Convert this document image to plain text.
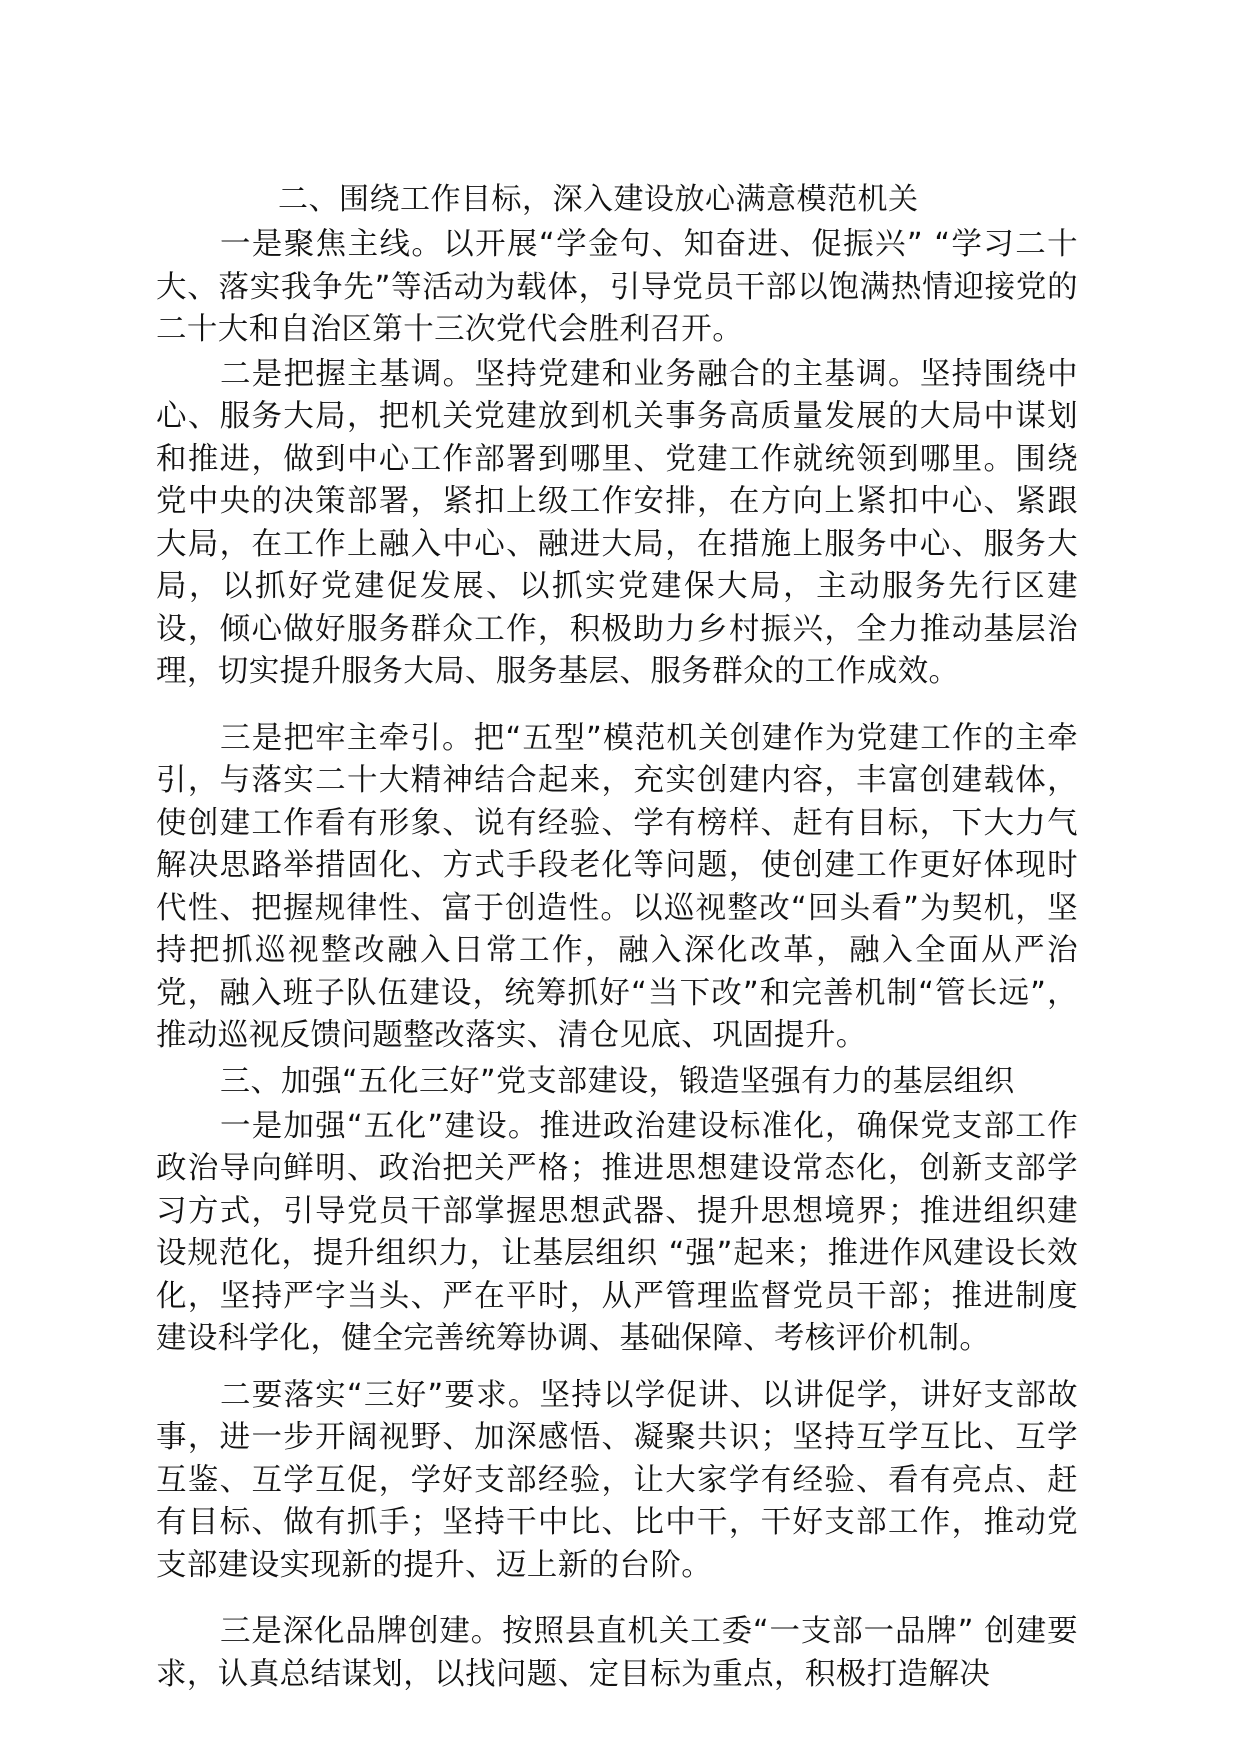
二、围绕工作目标，深入建设放心满意模范机关

一是聚焦主线。以开展“学金句、知奋进、促振兴” “学习二十大、落实我争先”等活动为载体，引导党员干部以饱满热情迎接党的二十大和自治区第十三次党代会胜利召开。

二是把握主基调。坚持党建和业务融合的主基调。坚持围绕中心、服务大局，把机关党建放到机关事务高质量发展的大局中谋划和推进，做到中心工作部署到哪里、党建工作就统领到哪里。围绕党中央的决策部署，紧扣上级工作安排，在方向上紧扣中心、紧跟大局，在工作上融入中心、融进大局，在措施上服务中心、服务大局，以抓好党建促发展、以抓实党建保大局，主动服务先行区建设，倾心做好服务群众工作，积极助力乡村振兴，全力推动基层治理，切实提升服务大局、服务基层、服务群众的工作成效。

三是把牢主牵引。把“五型”模范机关创建作为党建工作的主牵引，与落实二十大精神结合起来，充实创建内容，丰富创建载体，使创建工作看有形象、说有经验、学有榜样、赶有目标，下大力气解决思路举措固化、方式手段老化等问题，使创建工作更好体现时代性、把握规律性、富于创造性。以巡视整改“回头看”为契机，坚持把抓巡视整改融入日常工作，融入深化改革，融入全面从严治党，融入班子队伍建设，统筹抓好“当下改”和完善机制“管长远”，推动巡视反馈问题整改落实、清仓见底、巩固提升。

三、加强“五化三好”党支部建设，锻造坚强有力的基层组织

一是加强“五化”建设。推进政治建设标准化，确保党支部工作政治导向鲜明、政治把关严格；推进思想建设常态化，创新支部学习方式，引导党员干部掌握思想武器、提升思想境界；推进组织建设规范化，提升组织力，让基层组织 “强”起来；推进作风建设长效化，坚持严字当头、严在平时，从严管理监督党员干部；推进制度建设科学化，健全完善统筹协调、基础保障、考核评价机制。

二要落实“三好”要求。坚持以学促讲、以讲促学，讲好支部故事，进一步开阔视野、加深感悟、凝聚共识；坚持互学互比、互学互鉴、互学互促，学好支部经验，让大家学有经验、看有亮点、赶有目标、做有抓手；坚持干中比、比中干，干好支部工作，推动党支部建设实现新的提升、迈上新的台阶。

三是深化品牌创建。按照县直机关工委“一支部一品牌” 创建要求，认真总结谋划，以找问题、定目标为重点，积极打造解决
